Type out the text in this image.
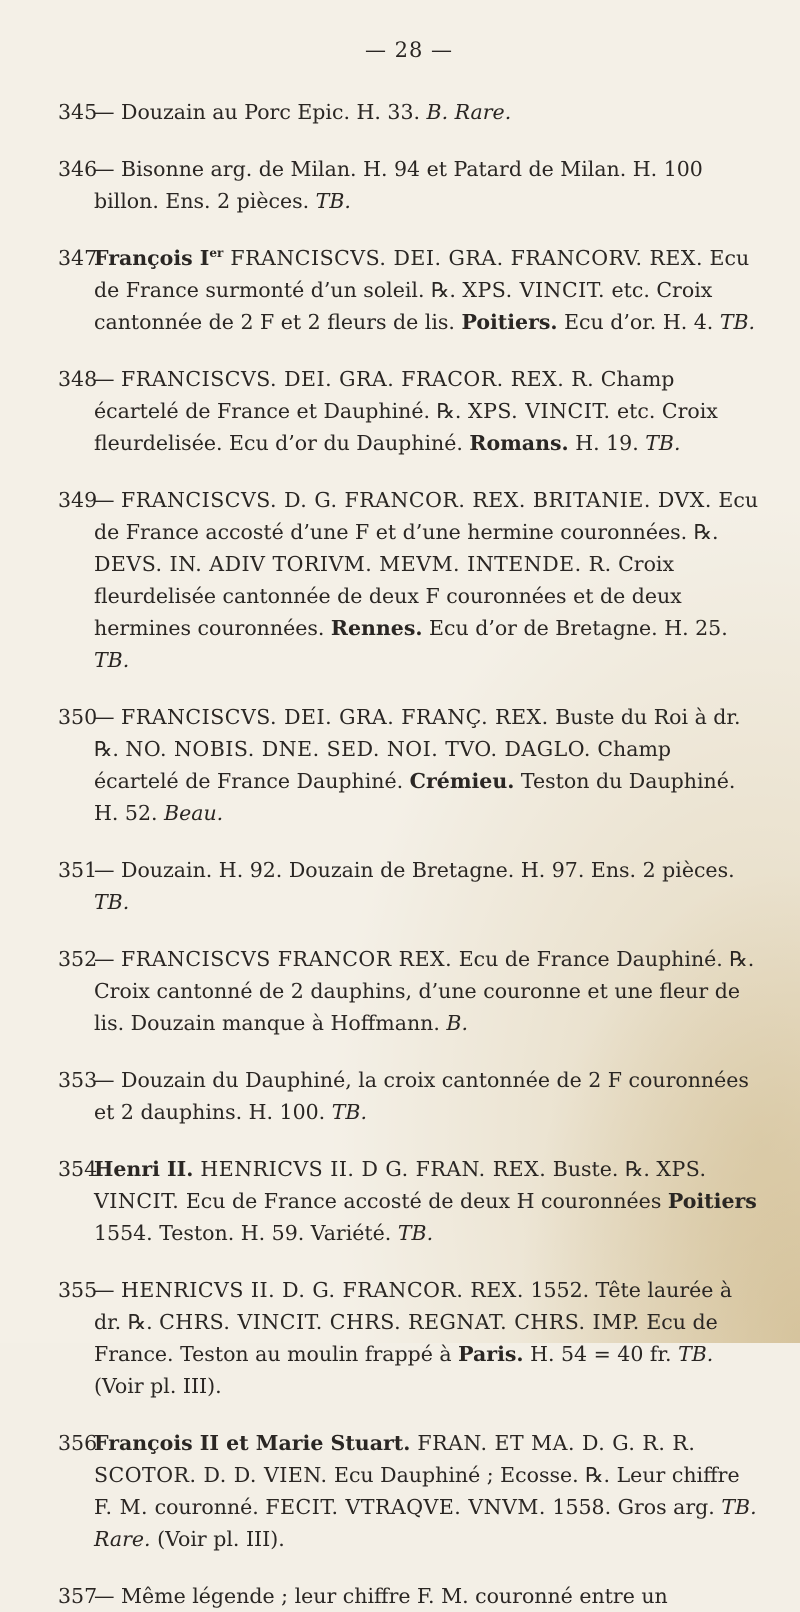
— 28 —
345
— Douzain au Porc Epic. H. 33. B. Rare.
346
— Bisonne arg. de Milan. H. 94 et Patard de Milan. H. 100 billon. Ens. 2 pièces. TB.
347
François Ier FRANCISCVS. DEI. GRA. FRANCORV. REX. Ecu de France surmonté d’un soleil. ℞. XPS. VINCIT. etc. Croix cantonnée de 2 F et 2 fleurs de lis. Poitiers. Ecu d’or. H. 4. TB.
348
— FRANCISCVS. DEI. GRA. FRACOR. REX. R. Champ écartelé de France et Dauphiné. ℞. XPS. VINCIT. etc. Croix fleurdelisée. Ecu d’or du Dauphiné. Romans. H. 19. TB.
349
— FRANCISCVS. D. G. FRANCOR. REX. BRITANIE. DVX. Ecu de France accosté d’une F et d’une hermine couronnées. ℞. DEVS. IN. ADIV TORIVM. MEVM. INTENDE. R. Croix fleurdelisée cantonnée de deux F couronnées et de deux hermines couronnées. Rennes. Ecu d’or de Bretagne. H. 25. TB.
350
— FRANCISCVS. DEI. GRA. FRANÇ. REX. Buste du Roi à dr. ℞. NO. NOBIS. DNE. SED. NOI. TVO. DAGLO. Champ écartelé de France Dauphiné. Crémieu. Teston du Dauphiné. H. 52. Beau.
351
— Douzain. H. 92. Douzain de Bretagne. H. 97. Ens. 2 pièces. TB.
352
— FRANCISCVS FRANCOR REX. Ecu de France Dauphiné. ℞. Croix cantonné de 2 dauphins, d’une couronne et une fleur de lis. Douzain manque à Hoffmann. B.
353
— Douzain du Dauphiné, la croix cantonnée de 2 F couronnées et 2 dauphins. H. 100. TB.
354
Henri II. HENRICVS II. D G. FRAN. REX. Buste. ℞. XPS. VINCIT. Ecu de France accosté de deux H couronnées Poitiers 1554. Teston. H. 59. Variété. TB.
355
— HENRICVS II. D. G. FRANCOR. REX. 1552. Tête laurée à dr. ℞. CHRS. VINCIT. CHRS. REGNAT. CHRS. IMP. Ecu de France. Teston au moulin frappé à Paris. H. 54 = 40 fr. TB. (Voir pl. III).
356
François II et Marie Stuart. FRAN. ET MA. D. G. R. R. SCOTOR. D. D. VIEN. Ecu Dauphiné ; Ecosse. ℞. Leur chiffre F. M. couronné. FECIT. VTRAQVE. VNVM. 1558. Gros arg. TB. Rare. (Voir pl. III).
357
— Même légende ; leur chiffre F. M. couronné entre un
